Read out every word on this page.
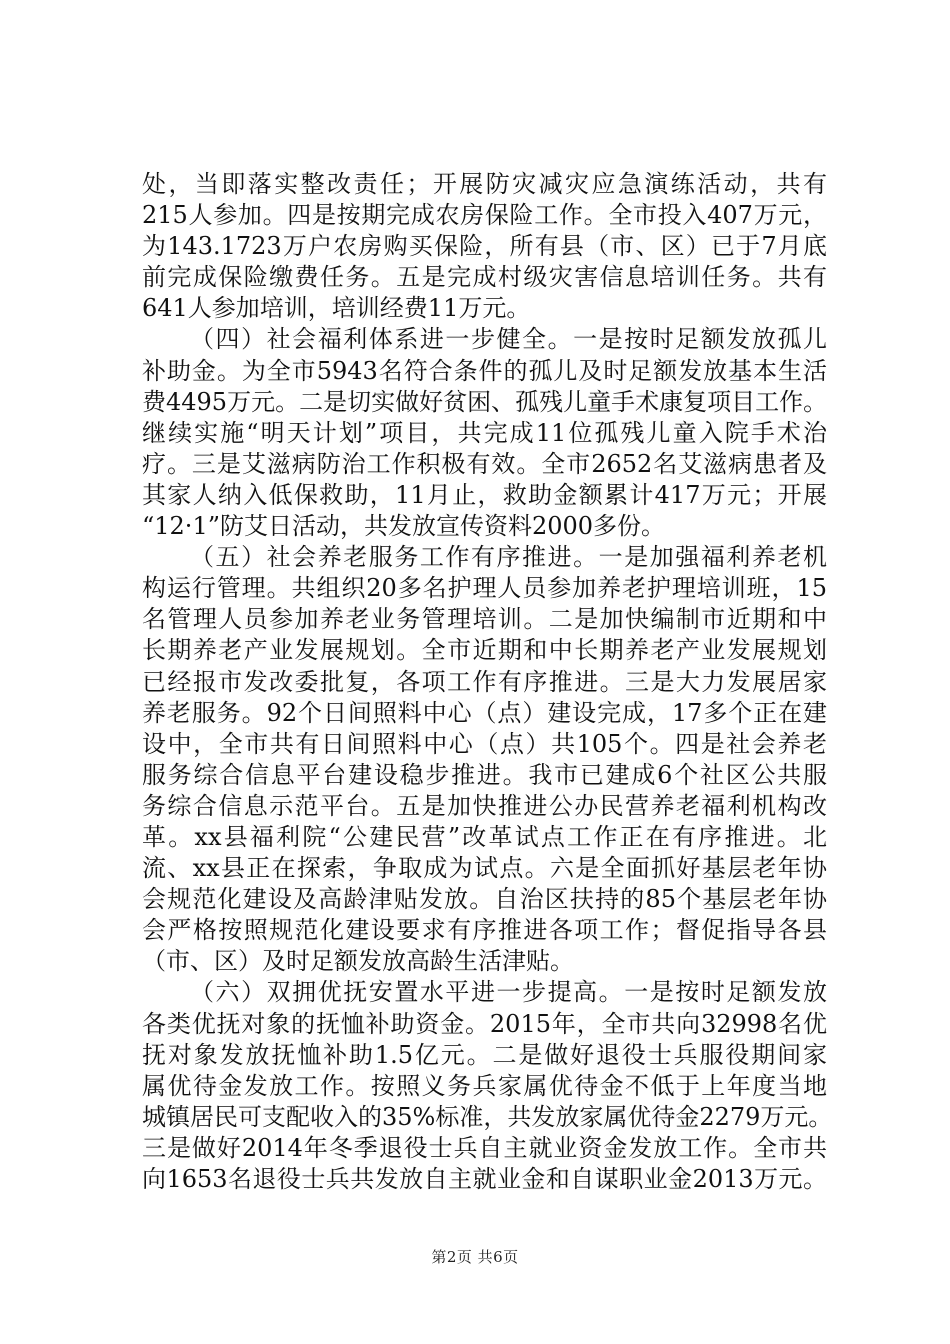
处，当即落实整改责任；开展防灾减灾应急演练活动，共有
215人参加。四是按期完成农房保险工作。全市投入407万元，
为143.1723万户农房购买保险，所有县（市、区）已于7月底
前完成保险缴费任务。五是完成村级灾害信息培训任务。共有
641人参加培训，培训经费11万元。
（四）社会福利体系进一步健全。一是按时足额发放孤儿
补助金。为全市5943名符合条件的孤儿及时足额发放基本生活
费4495万元。二是切实做好贫困、孤残儿童手术康复项目工作。
继续实施“明天计划”项目，共完成11位孤残儿童入院手术治
疗。三是艾滋病防治工作积极有效。全市2652名艾滋病患者及
其家人纳入低保救助，11月止，救助金额累计417万元；开展
“12·1”防艾日活动，共发放宣传资料2000多份。
（五）社会养老服务工作有序推进。一是加强福利养老机
构运行管理。共组织20多名护理人员参加养老护理培训班，15
名管理人员参加养老业务管理培训。二是加快编制市近期和中
长期养老产业发展规划。全市近期和中长期养老产业发展规划
已经报市发改委批复，各项工作有序推进。三是大力发展居家
养老服务。92个日间照料中心（点）建设完成，17多个正在建
设中，全市共有日间照料中心（点）共105个。四是社会养老
服务综合信息平台建设稳步推进。我市已建成6个社区公共服
务综合信息示范平台。五是加快推进公办民营养老福利机构改
革。xx县福利院“公建民营”改革试点工作正在有序推进。北
流、xx县正在探索，争取成为试点。六是全面抓好基层老年协
会规范化建设及高龄津贴发放。自治区扶持的85个基层老年协
会严格按照规范化建设要求有序推进各项工作；督促指导各县
（市、区）及时足额发放高龄生活津贴。
（六）双拥优抚安置水平进一步提高。一是按时足额发放
各类优抚对象的抚恤补助资金。2015年，全市共向32998名优
抚对象发放抚恤补助1.5亿元。二是做好退役士兵服役期间家
属优待金发放工作。按照义务兵家属优待金不低于上年度当地
城镇居民可支配收入的35%标准，共发放家属优待金2279万元。
三是做好2014年冬季退役士兵自主就业资金发放工作。全市共
向1653名退役士兵共发放自主就业金和自谋职业金2013万元。
第2页 共6页
